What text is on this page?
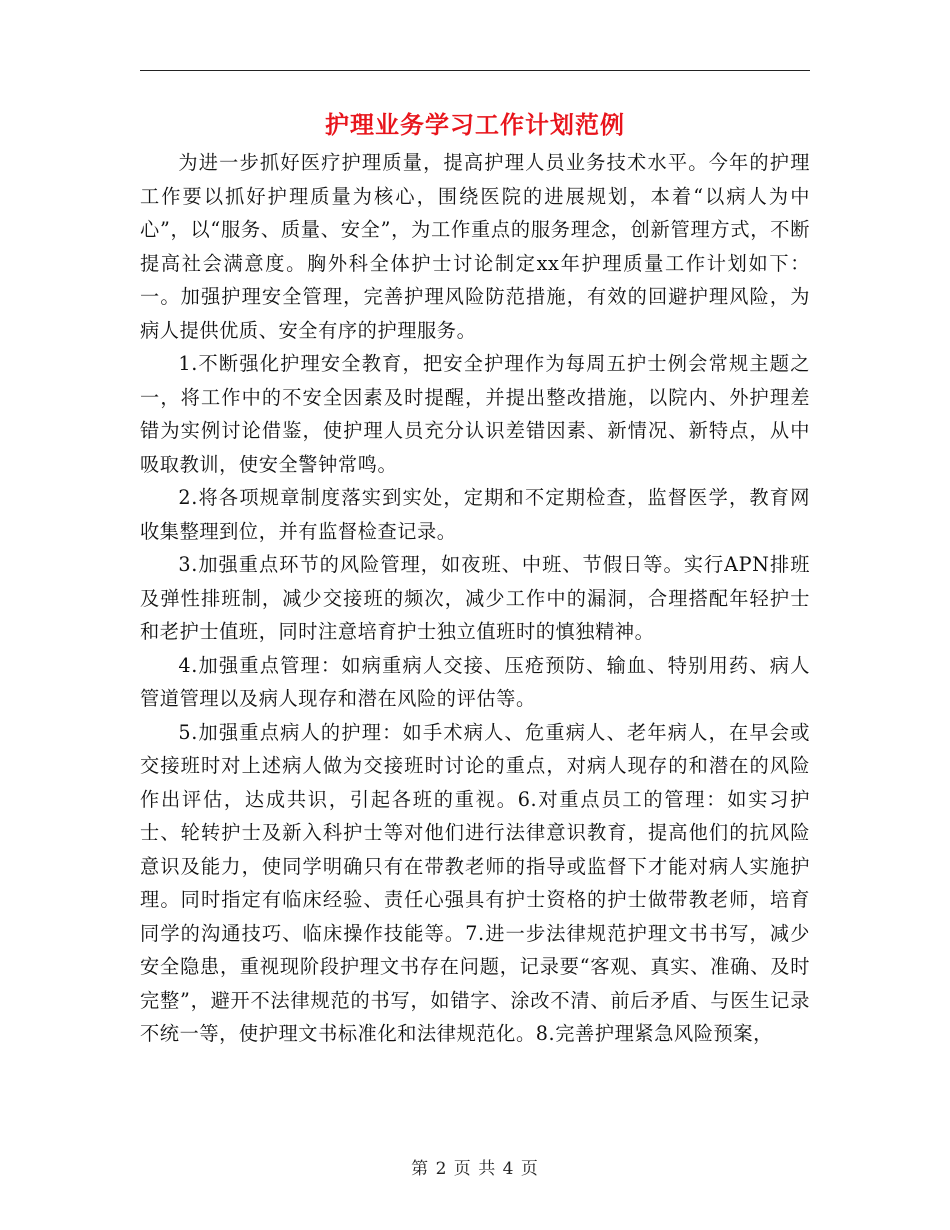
护理业务学习工作计划范例

为进一步抓好医疗护理质量，提高护理人员业务技术水平。今年的护理工作要以抓好护理质量为核心，围绕医院的进展规划，本着“以病人为中心”，以“服务、质量、安全”，为工作重点的服务理念，创新管理方式，不断提高社会满意度。胸外科全体护士讨论制定xx年护理质量工作计划如下：一。加强护理安全管理，完善护理风险防范措施，有效的回避护理风险，为病人提供优质、安全有序的护理服务。

1.不断强化护理安全教育，把安全护理作为每周五护士例会常规主题之一，将工作中的不安全因素及时提醒，并提出整改措施，以院内、外护理差错为实例讨论借鉴，使护理人员充分认识差错因素、新情况、新特点，从中吸取教训，使安全警钟常鸣。

2.将各项规章制度落实到实处，定期和不定期检查，监督医学，教育网收集整理到位，并有监督检查记录。

3.加强重点环节的风险管理，如夜班、中班、节假日等。实行APN排班及弹性排班制，减少交接班的频次，减少工作中的漏洞，合理搭配年轻护士和老护士值班，同时注意培育护士独立值班时的慎独精神。

4.加强重点管理：如病重病人交接、压疮预防、输血、特别用药、病人管道管理以及病人现存和潜在风险的评估等。

5.加强重点病人的护理：如手术病人、危重病人、老年病人，在早会或交接班时对上述病人做为交接班时讨论的重点，对病人现存的和潜在的风险作出评估，达成共识，引起各班的重视。6.对重点员工的管理：如实习护士、轮转护士及新入科护士等对他们进行法律意识教育，提高他们的抗风险意识及能力，使同学明确只有在带教老师的指导或监督下才能对病人实施护理。同时指定有临床经验、责任心强具有护士资格的护士做带教老师，培育同学的沟通技巧、临床操作技能等。7.进一步法律规范护理文书书写，减少安全隐患，重视现阶段护理文书存在问题，记录要“客观、真实、准确、及时完整”，避开不法律规范的书写，如错字、涂改不清、前后矛盾、与医生记录不统一等，使护理文书标准化和法律规范化。8.完善护理紧急风险预案，

第 2 页 共 4 页
